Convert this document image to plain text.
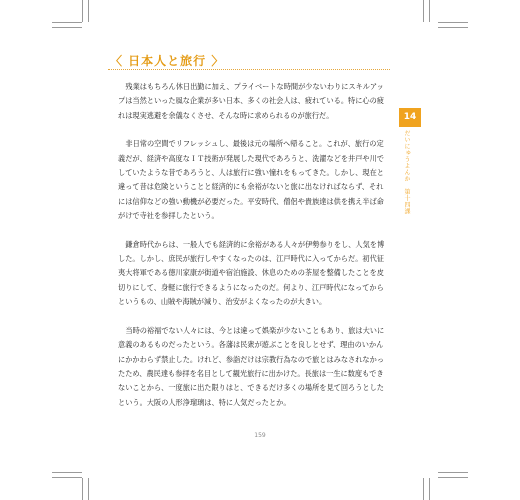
〈 日本人と旅行 〉

残業はもちろん休日出勤に加え、プライベートな時間が少ないわりにスキルアップは当然といった風な企業が多い日本、多くの社会人は、疲れている。特に心の疲れは現実逃避を余儀なくさせ、そんな時に求められるのが旅行だ。

非日常の空間でリフレッシュし、最後は元の場所へ帰ること。これが、旅行の定義だが、経済や高度なＩＴ技術が発展した現代であろうと、洗濯などを井戸や川でしていたような昔であろうと、人は旅行に強い憧れをもってきた。しかし、現在と違って昔は危険ということと経済的にも余裕がないと旅に出なければならず、それには信仰などの強い動機が必要だった。平安時代、僧侶や貴族達は供を携え半ば命がけで寺社を参拝したという。

鎌倉時代からは、一般人でも経済的に余裕がある人々が伊勢参りをし、人気を博した。しかし、庶民が旅行しやすくなったのは、江戸時代に入ってからだ。初代征夷大将軍である徳川家康が街道や宿泊施設、休息のための茶屋を整備したことを皮切りにして、身軽に旅行できるようになったのだ。何より、江戸時代になってからというもの、山賊や海賊が減り、治安がよくなったのが大きい。

当時の裕福でない人々には、今とは違って娯楽が少ないこともあり、旅は大いに意義のあるものだったという。各藩は民衆が遊ぶことを良しとせず、理由のいかんにかかわらず禁止した。けれど、参詣だけは宗教行為なので旅とはみなされなかったため、農民達も参拝を名目として観光旅行に出かけた。長旅は一生に数度もできないことから、一度旅に出た限りはと、できるだけ多くの場所を見て回ろうとしたという。大阪の人形浄瑠璃は、特に人気だったとか。

14
だいにゅうよんか　第十四課
159
